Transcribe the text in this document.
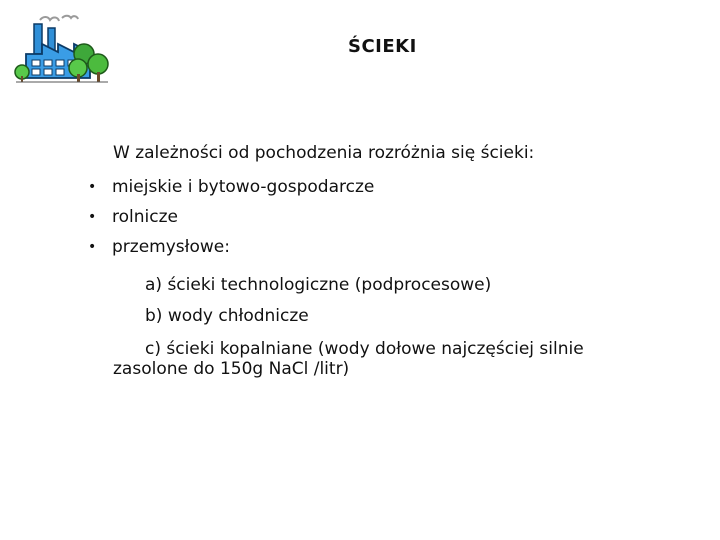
ŚCIEKI
W zależności od pochodzenia rozróżnia się ścieki:
• miejskie i bytowo-gospodarcze
• rolnicze
• przemysłowe:
a) ścieki technologiczne (podprocesowe)
b) wody chłodnicze
c) ścieki kopalniane (wody dołowe najczęściej silnie
zasolone do 150g NaCl /litr)
